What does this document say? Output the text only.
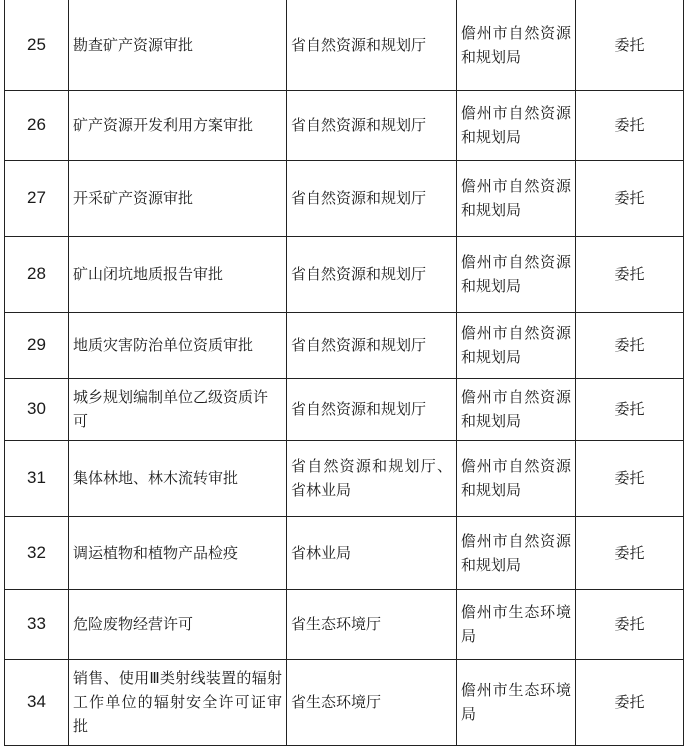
25	勘查矿产资源审批	省自然资源和规划厅	儋州市自然资源和规划局	委托
26	矿产资源开发利用方案审批	省自然资源和规划厅	儋州市自然资源和规划局	委托
27	开采矿产资源审批	省自然资源和规划厅	儋州市自然资源和规划局	委托
28	矿山闭坑地质报告审批	省自然资源和规划厅	儋州市自然资源和规划局	委托
29	地质灾害防治单位资质审批	省自然资源和规划厅	儋州市自然资源和规划局	委托
30	城乡规划编制单位乙级资质许可	省自然资源和规划厅	儋州市自然资源和规划局	委托
31	集体林地、林木流转审批	省自然资源和规划厅、省林业局	儋州市自然资源和规划局	委托
32	调运植物和植物产品检疫	省林业局	儋州市自然资源和规划局	委托
33	危险废物经营许可	省生态环境厅	儋州市生态环境局	委托
34	销售、使用Ⅲ类射线装置的辐射工作单位的辐射安全许可证审批	省生态环境厅	儋州市生态环境局	委托
